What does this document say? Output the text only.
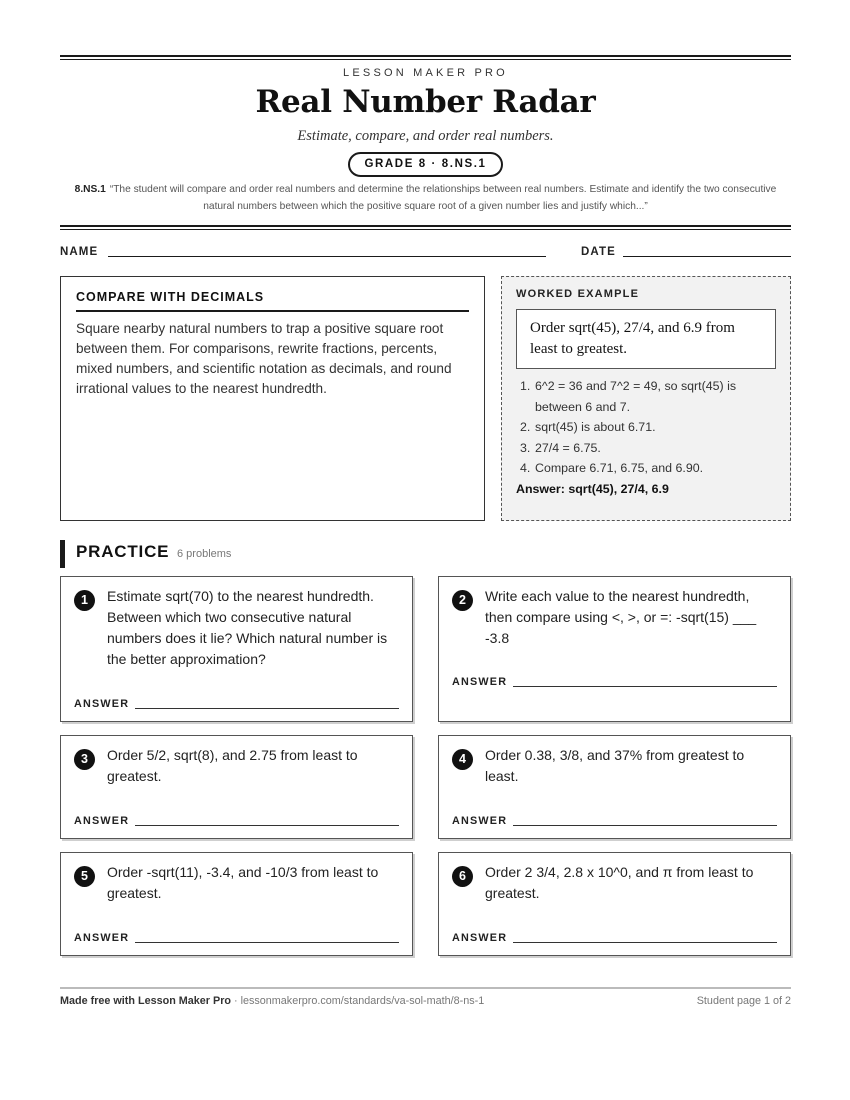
LESSON MAKER PRO
Real Number Radar
Estimate, compare, and order real numbers.
GRADE 8 · 8.NS.1
8.NS.1 “The student will compare and order real numbers and determine the relationships between real numbers. Estimate and identify the two consecutive natural numbers between which the positive square root of a given number lies and justify which...”
NAME	DATE
COMPARE WITH DECIMALS
Square nearby natural numbers to trap a positive square root between them. For comparisons, rewrite fractions, percents, mixed numbers, and scientific notation as decimals, and round irrational values to the nearest hundredth.
WORKED EXAMPLE
Order sqrt(45), 27/4, and 6.9 from least to greatest.
1. 6^2 = 36 and 7^2 = 49, so sqrt(45) is between 6 and 7.
2. sqrt(45) is about 6.71.
3. 27/4 = 6.75.
4. Compare 6.71, 6.75, and 6.90.
Answer: sqrt(45), 27/4, 6.9
PRACTICE 6 problems
1	Estimate sqrt(70) to the nearest hundredth. Between which two consecutive natural numbers does it lie? Which natural number is the better approximation?
ANSWER
2	Write each value to the nearest hundredth, then compare using <, >, or =: -sqrt(15) ___ -3.8
ANSWER
3	Order 5/2, sqrt(8), and 2.75 from least to greatest.
ANSWER
4	Order 0.38, 3/8, and 37% from greatest to least.
ANSWER
5	Order -sqrt(11), -3.4, and -10/3 from least to greatest.
ANSWER
6	Order 2 3/4, 2.8 x 10^0, and π from least to greatest.
ANSWER
Made free with Lesson Maker Pro · lessonmakerpro.com/standards/va-sol-math/8-ns-1	Student page 1 of 2
